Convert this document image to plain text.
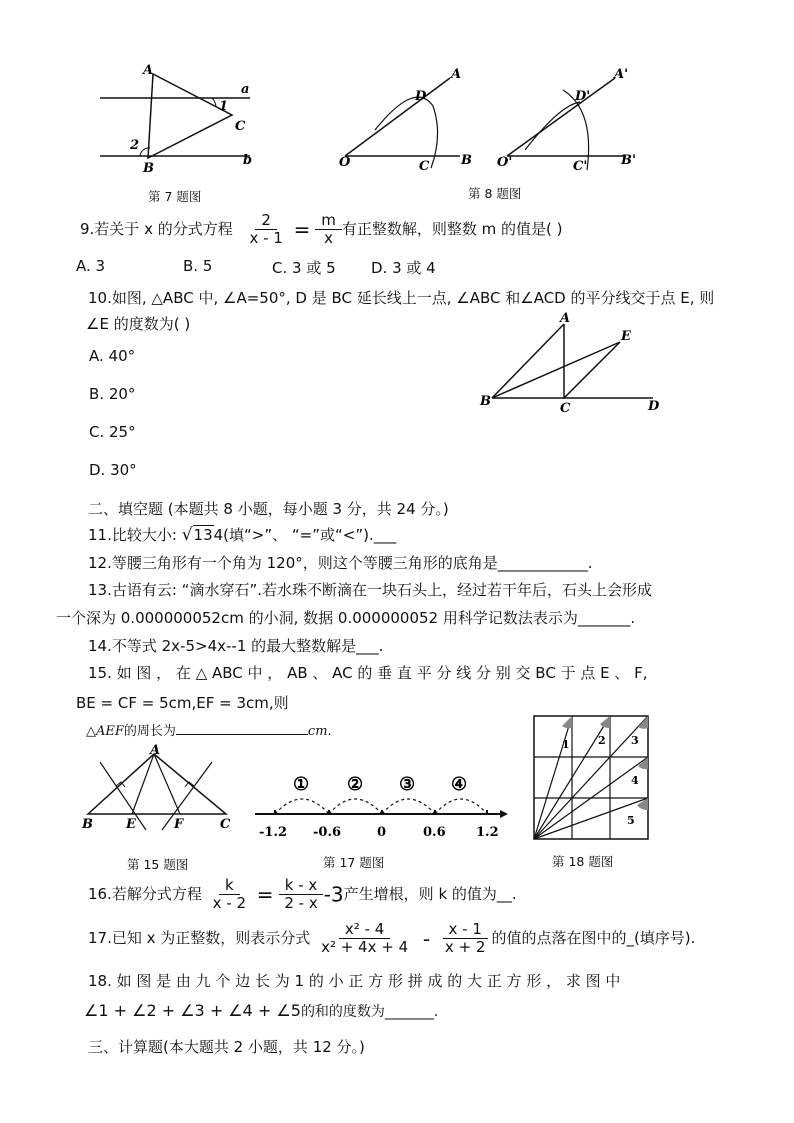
A
a
1
C
2
B
b
第 7 题图
D
A
O	C B
D'
A'
O'	C'	B'
第 8 题图
9.若关于 x 的分式方程 $\frac{2}{x - 1} = \frac{m}{x}$ 有正整数解，则整数 m 的值是( )
A. 3	B. 5	C. 3 或 5 D. 3 或 4
10.如图, △ABC 中, ∠A=50°, D 是 BC 延长线上一点, ∠ABC 和∠ACD 的平分线交于点 E, 则
∠E 的度数为( )
A. 40°
B. 20°
C. 25°
D. 30°
A
E
B	C	D
二、填空题 (本题共 8 小题，每小题 3 分，共 24 分。)
11.比较大小: √134(填“>”、 “=”或“<”).___
12.等腰三角形有一个角为 120°，则这个等腰三角形的底角是____________.
13.古语有云: “滴水穿石”.若水珠不断滴在一块石头上，经过若干年后，石头上会形成
一个深为 0.000000052cm 的小洞, 数据 0.000000052 用科学记数法表示为_______.
14.不等式 2x-5>4x--1 的最大整数解是___.
15. 如 图 ， 在 △ ABC 中 ， AB 、 AC 的 垂 直 平 分 线 分 别 交 BC 于 点 E 、 F,
BE = CF = 5cm,EF = 3cm,则
△AEF的周长为	cm.
A
B	E	F	C
第 15 题图
① ② ③ ④
-1.2 -0.6	0	0.6 1.2
第 17 题图
1	2 3
4
5
第 18 题图
16.若解分式方程 $\frac{k}{x - 2} = \frac{k - x}{2 - x} -3$产生增根，则 k 的值为__.
17.已知 x 为正整数，则表示分式 $\frac{\text{x² - 4}}{\text{x² + 4x + 4}} - \frac{x - 1}{x + 2}$ 的值的点落在图中的_(填序号).
18. 如 图 是 由 九 个 边 长 为 1 的 小 正 方 形 拼 成 的 大 正 方 形 ， 求 图 中
∠1 + ∠2 + ∠3 + ∠4 + ∠5的和的度数为_______.
三、计算题(本大题共 2 小题，共 12 分。)
